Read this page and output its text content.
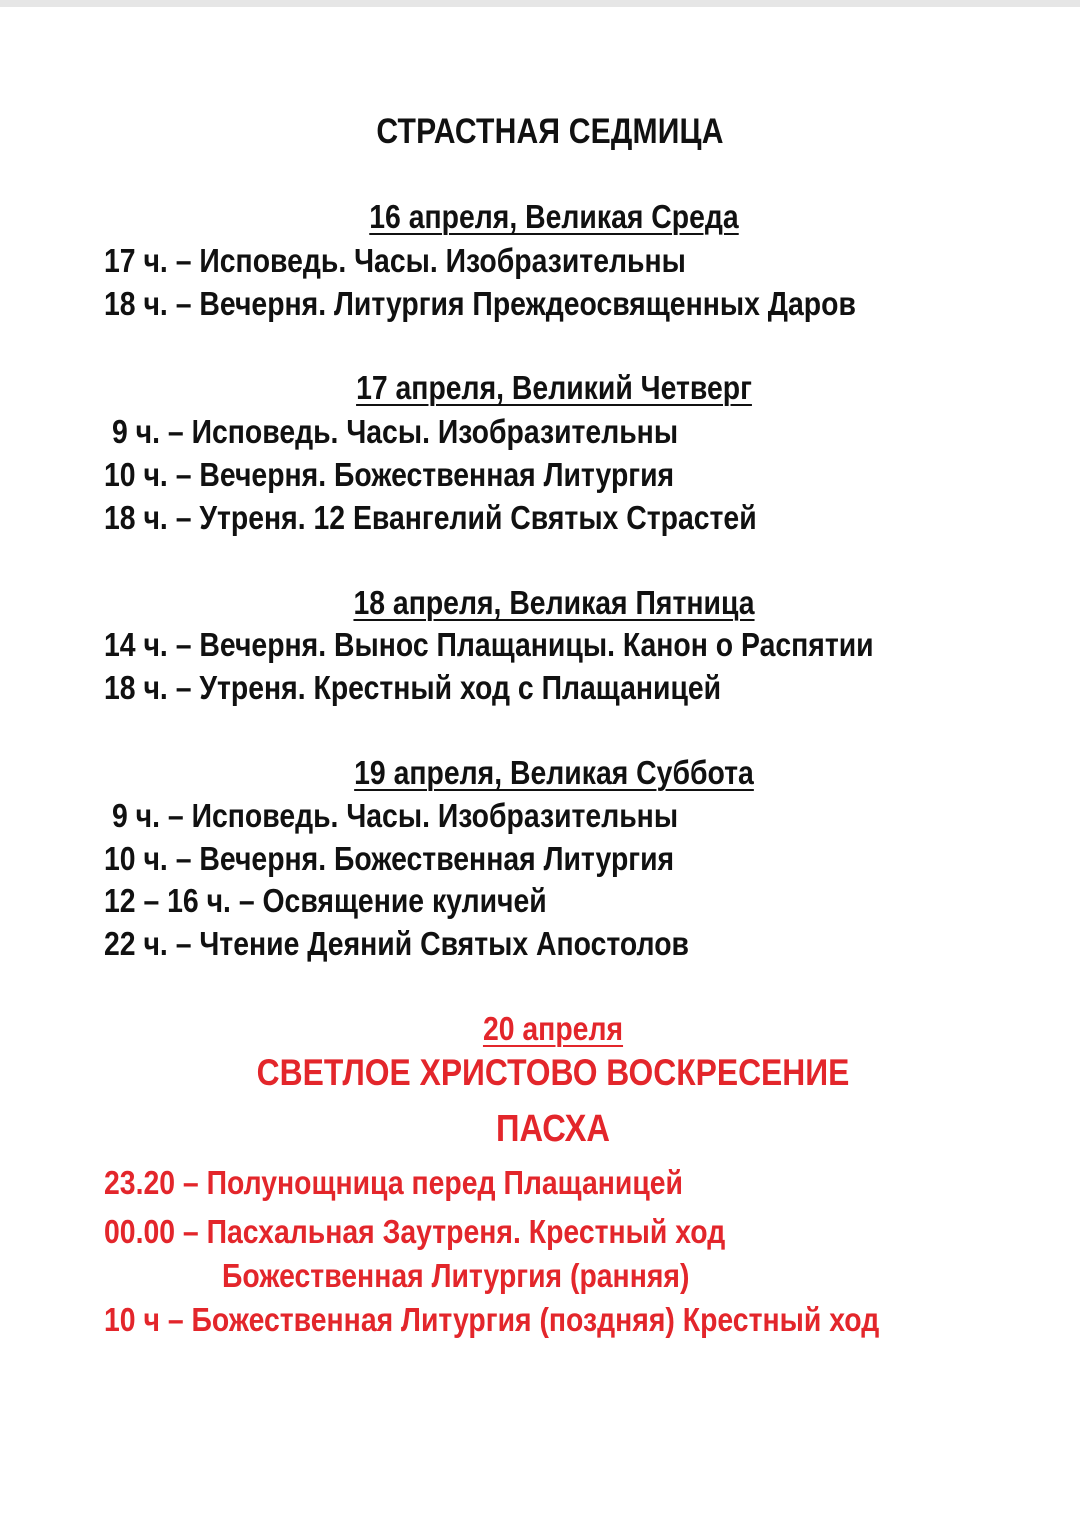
СТРАСТНАЯ СЕДМИЦА
16 апреля, Великая Среда
17 ч. – Исповедь. Часы. Изобразительны
18 ч. – Вечерня. Литургия Преждеосвященных Даров
17 апреля, Великий Четверг
9 ч. – Исповедь. Часы. Изобразительны
10 ч. – Вечерня. Божественная Литургия
18 ч. – Утреня. 12 Евангелий Святых Страстей
18 апреля, Великая Пятница
14 ч. – Вечерня. Вынос Плащаницы. Канон о Распятии
18 ч. – Утреня. Крестный ход с Плащаницей
19 апреля, Великая Суббота
9 ч. – Исповедь. Часы. Изобразительны
10 ч. – Вечерня. Божественная Литургия
12 – 16 ч. – Освящение куличей
22 ч. – Чтение Деяний Святых Апостолов
20 апреля
СВЕТЛОЕ ХРИСТОВО ВОСКРЕСЕНИЕ
ПАСХА
23.20 – Полунощница перед Плащаницей
00.00 – Пасхальная Заутреня. Крестный ход
Божественная Литургия (ранняя)
10 ч – Божественная Литургия (поздняя) Крестный ход
